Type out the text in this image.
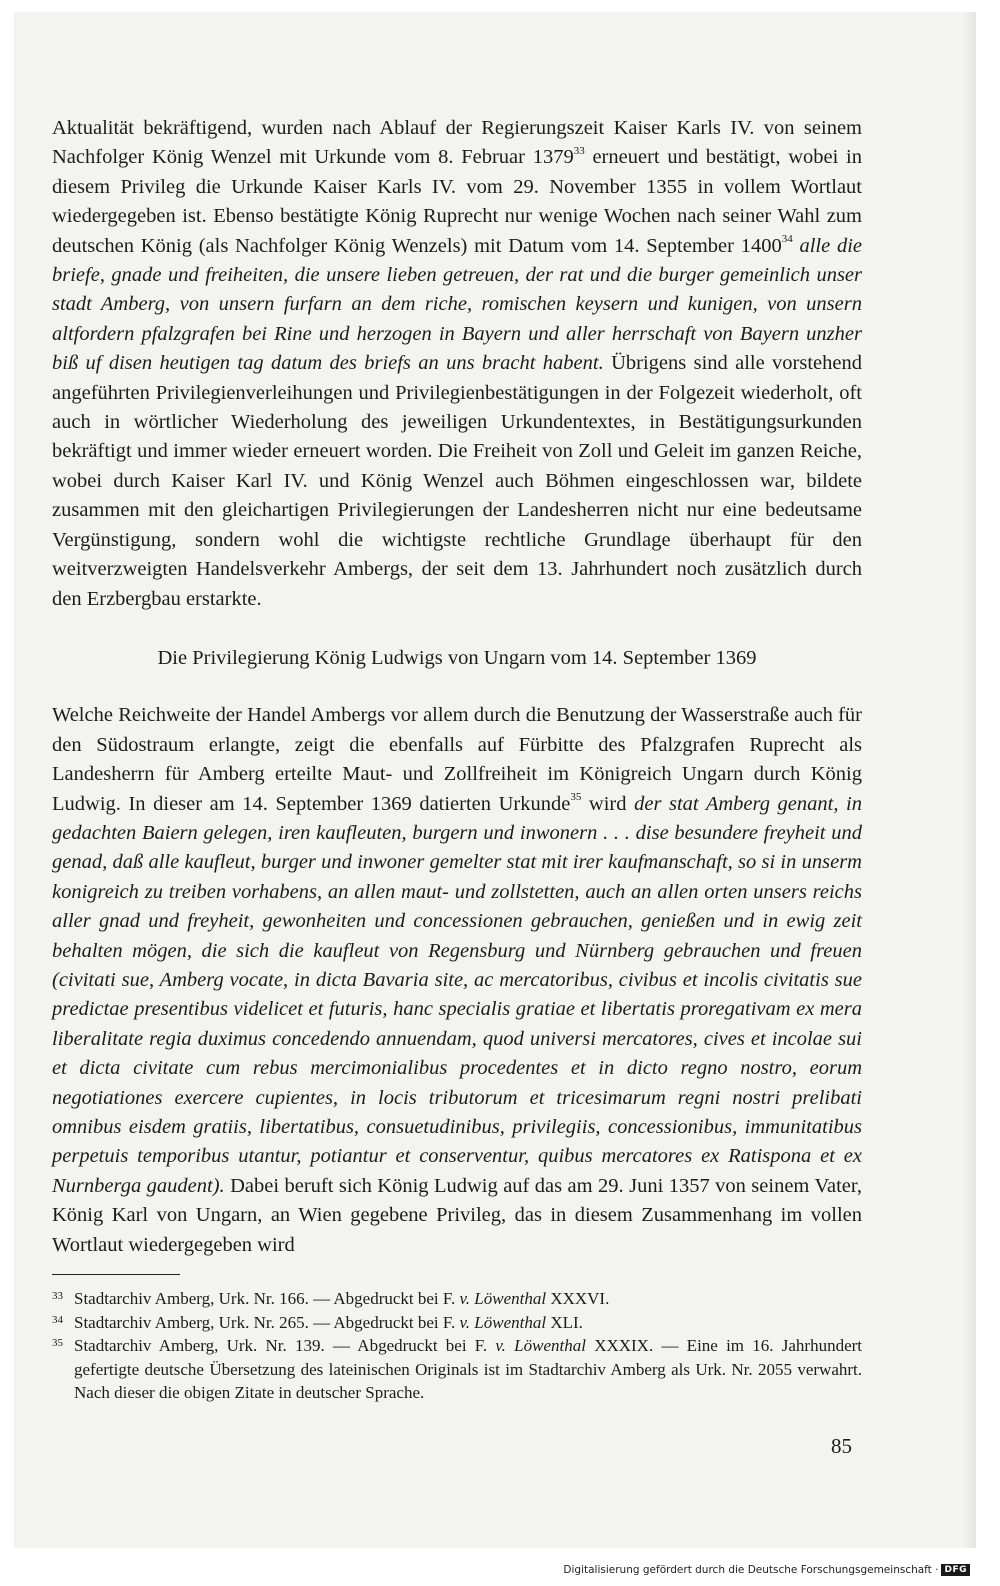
Aktualität bekräftigend, wurden nach Ablauf der Regierungszeit Kaiser Karls IV. von seinem Nachfolger König Wenzel mit Urkunde vom 8. Februar 1379$^{33}$ erneuert und bestätigt, wobei in diesem Privileg die Urkunde Kaiser Karls IV. vom 29. November 1355 in vollem Wortlaut wiedergegeben ist. Ebenso bestätigte König Ruprecht nur wenige Wochen nach seiner Wahl zum deutschen König (als Nachfolger König Wenzels) mit Datum vom 14. September 1400$^{34}$ alle die briefe, gnade und freiheiten, die unsere lieben getreuen, der rat und die burger gemeinlich unser stadt Amberg, von unsern furfarn an dem riche, romischen keysern und kunigen, von unsern altfordern pfalzgrafen bei Rine und herzogen in Bayern und aller herrschaft von Bayern unzher biß uf disen heutigen tag datum des briefs an uns bracht habent. Übrigens sind alle vorstehend angeführten Privilegienverleihungen und Privilegienbestätigungen in der Folgezeit wiederholt, oft auch in wörtlicher Wiederholung des jeweiligen Urkundentextes, in Bestätigungsurkunden bekräftigt und immer wieder erneuert worden. Die Freiheit von Zoll und Geleit im ganzen Reiche, wobei durch Kaiser Karl IV. und König Wenzel auch Böhmen eingeschlossen war, bildete zusammen mit den gleichartigen Privilegierungen der Landesherren nicht nur eine bedeutsame Vergünstigung, sondern wohl die wichtigste rechtliche Grundlage überhaupt für den weitverzweigten Handelsverkehr Ambergs, der seit dem 13. Jahrhundert noch zusätzlich durch den Erzbergbau erstarkte.

Die Privilegierung König Ludwigs von Ungarn vom 14. September 1369

Welche Reichweite der Handel Ambergs vor allem durch die Benutzung der Wasserstraße auch für den Südostraum erlangte, zeigt die ebenfalls auf Fürbitte des Pfalzgrafen Ruprecht als Landesherrn für Amberg erteilte Maut- und Zollfreiheit im Königreich Ungarn durch König Ludwig. In dieser am 14. September 1369 datierten Urkunde$^{35}$ wird der stat Amberg genant, in gedachten Baiern gelegen, iren kaufleuten, burgern und inwonern . . . dise besundere freyheit und genad, daß alle kaufleut, burger und inwoner gemelter stat mit irer kaufmanschaft, so si in unserm konigreich zu treiben vorhabens, an allen maut- und zollstetten, auch an allen orten unsers reichs aller gnad und freyheit, gewonheiten und concessionen gebrauchen, genießen und in ewig zeit behalten mögen, die sich die kaufleut von Regensburg und Nürnberg gebrauchen und freuen (civitati sue, Amberg vocate, in dicta Bavaria site, ac mercatoribus, civibus et incolis civitatis sue predictae presentibus videlicet et futuris, hanc specialis gratiae et libertatis proregativam ex mera liberalitate regia duximus concedendo annuendam, quod universi mercatores, cives et incolae sui et dicta civitate cum rebus mercimonialibus procedentes et in dicto regno nostro, eorum negotiationes exercere cupientes, in locis tributorum et tricesimarum regni nostri prelibati omnibus eisdem gratiis, libertatibus, consuetudinibus, privilegiis, concessionibus, immunitatibus perpetuis temporibus utantur, potiantur et conserventur, quibus mercatores ex Ratispona et ex Nurnberga gaudent). Dabei beruft sich König Ludwig auf das am 29. Juni 1357 von seinem Vater, König Karl von Ungarn, an Wien gegebene Privileg, das in diesem Zusammenhang im vollen Wortlaut wiedergegeben wird

33 Stadtarchiv Amberg, Urk. Nr. 166. — Abgedruckt bei F. v. Löwenthal XXXVI.
34 Stadtarchiv Amberg, Urk. Nr. 265. — Abgedruckt bei F. v. Löwenthal XLI.
35 Stadtarchiv Amberg, Urk. Nr. 139. — Abgedruckt bei F. v. Löwenthal XXXIX. — Eine im 16. Jahrhundert gefertigte deutsche Übersetzung des lateinischen Originals ist im Stadtarchiv Amberg als Urk. Nr. 2055 verwahrt. Nach dieser die obigen Zitate in deutscher Sprache.
85
Digitalisierung gefördert durch die Deutsche Forschungsgemeinschaft · DFG
